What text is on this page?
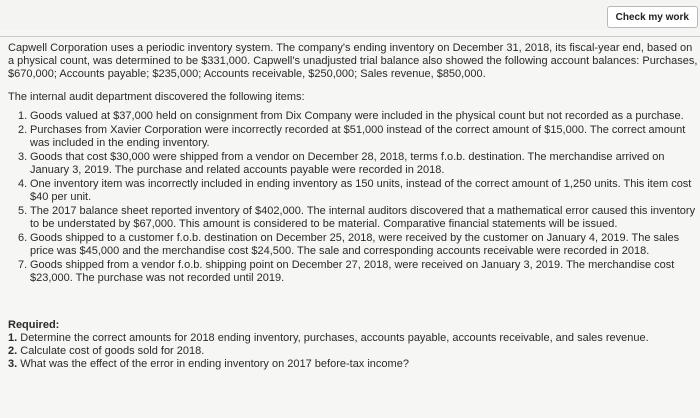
Check my work

Capwell Corporation uses a periodic inventory system. The company's ending inventory on December 31, 2018, its fiscal-year end, based on a physical count, was determined to be $331,000. Capwell's unadjusted trial balance also showed the following account balances: Purchases, $670,000; Accounts payable; $235,000; Accounts receivable, $250,000; Sales revenue, $850,000.

The internal audit department discovered the following items:

1. Goods valued at $37,000 held on consignment from Dix Company were included in the physical count but not recorded as a purchase.
2. Purchases from Xavier Corporation were incorrectly recorded at $51,000 instead of the correct amount of $15,000. The correct amount was included in the ending inventory.
3. Goods that cost $30,000 were shipped from a vendor on December 28, 2018, terms f.o.b. destination. The merchandise arrived on January 3, 2019. The purchase and related accounts payable were recorded in 2018.
4. One inventory item was incorrectly included in ending inventory as 150 units, instead of the correct amount of 1,250 units. This item cost $40 per unit.
5. The 2017 balance sheet reported inventory of $402,000. The internal auditors discovered that a mathematical error caused this inventory to be understated by $67,000. This amount is considered to be material. Comparative financial statements will be issued.
6. Goods shipped to a customer f.o.b. destination on December 25, 2018, were received by the customer on January 4, 2019. The sales price was $45,000 and the merchandise cost $24,500. The sale and corresponding accounts receivable were recorded in 2018.
7. Goods shipped from a vendor f.o.b. shipping point on December 27, 2018, were received on January 3, 2019. The merchandise cost $23,000. The purchase was not recorded until 2019.
Required:
1. Determine the correct amounts for 2018 ending inventory, purchases, accounts payable, accounts receivable, and sales revenue.
2. Calculate cost of goods sold for 2018.
3. What was the effect of the error in ending inventory on 2017 before-tax income?
